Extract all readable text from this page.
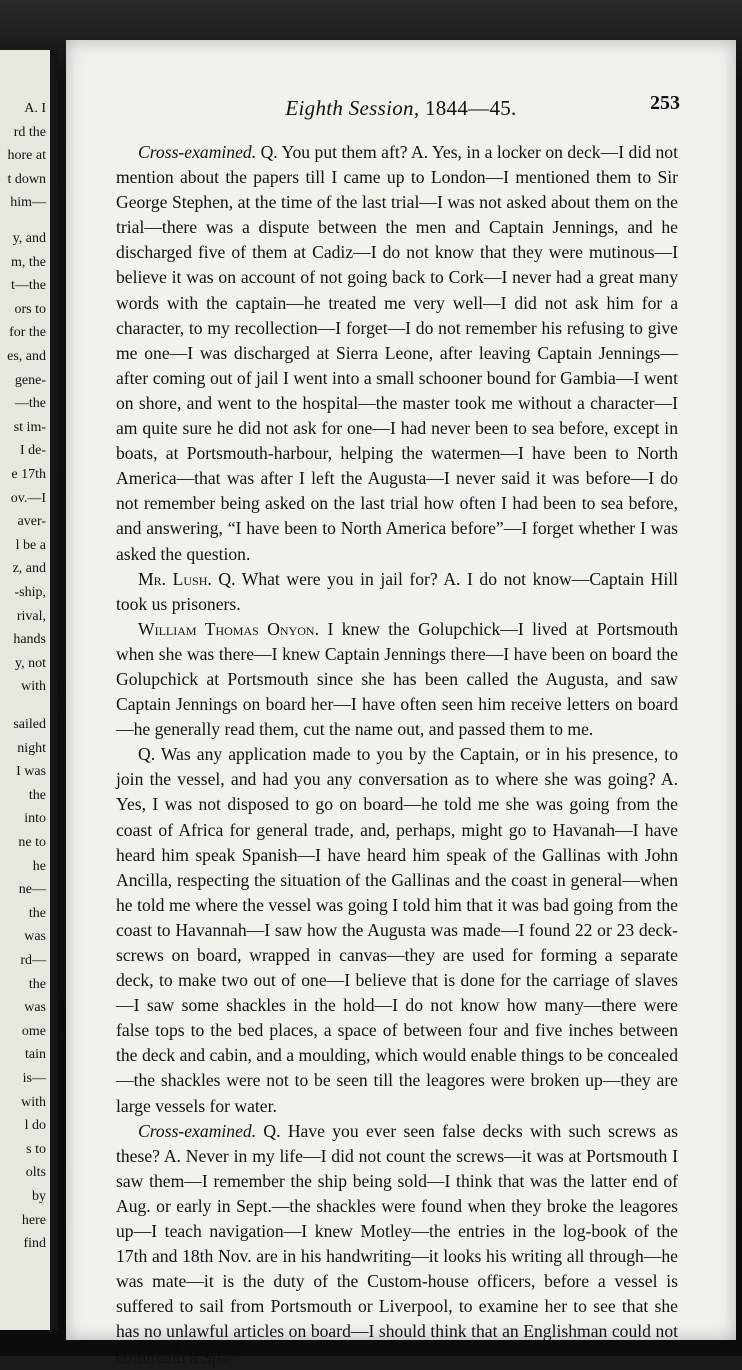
A. I
rd the
hore at
t down
him—
y, and
m, the
t—the
ors to
for the
es, and
gene-
—the
st im-
I de-
e 17th
ov.—I
aver-
l be a
z, and
-ship,
rival,
hands
y, not
with
sailed
night
I was
the
into
ne to
he
ne—
the
was
rd—
the
was
ome
tain
is—
with
l do
s to
olts
by
here
find
Eighth Session, 1844—45.	253

Cross-examined. Q. You put them aft? A. Yes, in a locker on deck—I did not mention about the papers till I came up to London—I mentioned them to Sir George Stephen, at the time of the last trial—I was not asked about them on the trial—there was a dispute between the men and Captain Jennings, and he discharged five of them at Cadiz—I do not know that they were mutinous—I believe it was on account of not going back to Cork—I never had a great many words with the captain—he treated me very well—I did not ask him for a character, to my recollection—I forget—I do not remember his refusing to give me one—I was discharged at Sierra Leone, after leaving Captain Jennings—after coming out of jail I went into a small schooner bound for Gambia—I went on shore, and went to the hospital—the master took me without a character—I am quite sure he did not ask for one—I had never been to sea before, except in boats, at Portsmouth-harbour, helping the watermen—I have been to North America—that was after I left the Augusta—I never said it was before—I do not remember being asked on the last trial how often I had been to sea before, and answering, “I have been to North America before”—I forget whether I was asked the question.

Mr. Lush. Q. What were you in jail for? A. I do not know—Captain Hill took us prisoners.

William Thomas Onyon. I knew the Golupchick—I lived at Portsmouth when she was there—I knew Captain Jennings there—I have been on board the Golupchick at Portsmouth since she has been called the Augusta, and saw Captain Jennings on board her—I have often seen him receive letters on board—he generally read them, cut the name out, and passed them to me.

Q. Was any application made to you by the Captain, or in his presence, to join the vessel, and had you any conversation as to where she was going? A. Yes, I was not disposed to go on board—he told me she was going from the coast of Africa for general trade, and, perhaps, might go to Havanah—I have heard him speak Spanish—I have heard him speak of the Gallinas with John Ancilla, respecting the situation of the Gallinas and the coast in general—when he told me where the vessel was going I told him that it was bad going from the coast to Havannah—I saw how the Augusta was made—I found 22 or 23 deck-screws on board, wrapped in canvas—they are used for forming a separate deck, to make two out of one—I believe that is done for the carriage of slaves—I saw some shackles in the hold—I do not know how many—there were false tops to the bed places, a space of between four and five inches between the deck and cabin, and a moulding, which would enable things to be concealed—the shackles were not to be seen till the leagores were broken up—they are large vessels for water.

Cross-examined. Q. Have you ever seen false decks with such screws as these? A. Never in my life—I did not count the screws—it was at Portsmouth I saw them—I remember the ship being sold—I think that was the latter end of Aug. or early in Sept.—the shackles were found when they broke the leagores up—I teach navigation—I knew Motley—the entries in the log-book of the 17th and 18th Nov. are in his handwriting—it looks his writing all through—he was mate—it is the duty of the Custom-house officers, before a vessel is suffered to sail from Portsmouth or Liverpool, to examine her to see that she has no unlawful articles on board—I should think that an Englishman could not command a Spa-
